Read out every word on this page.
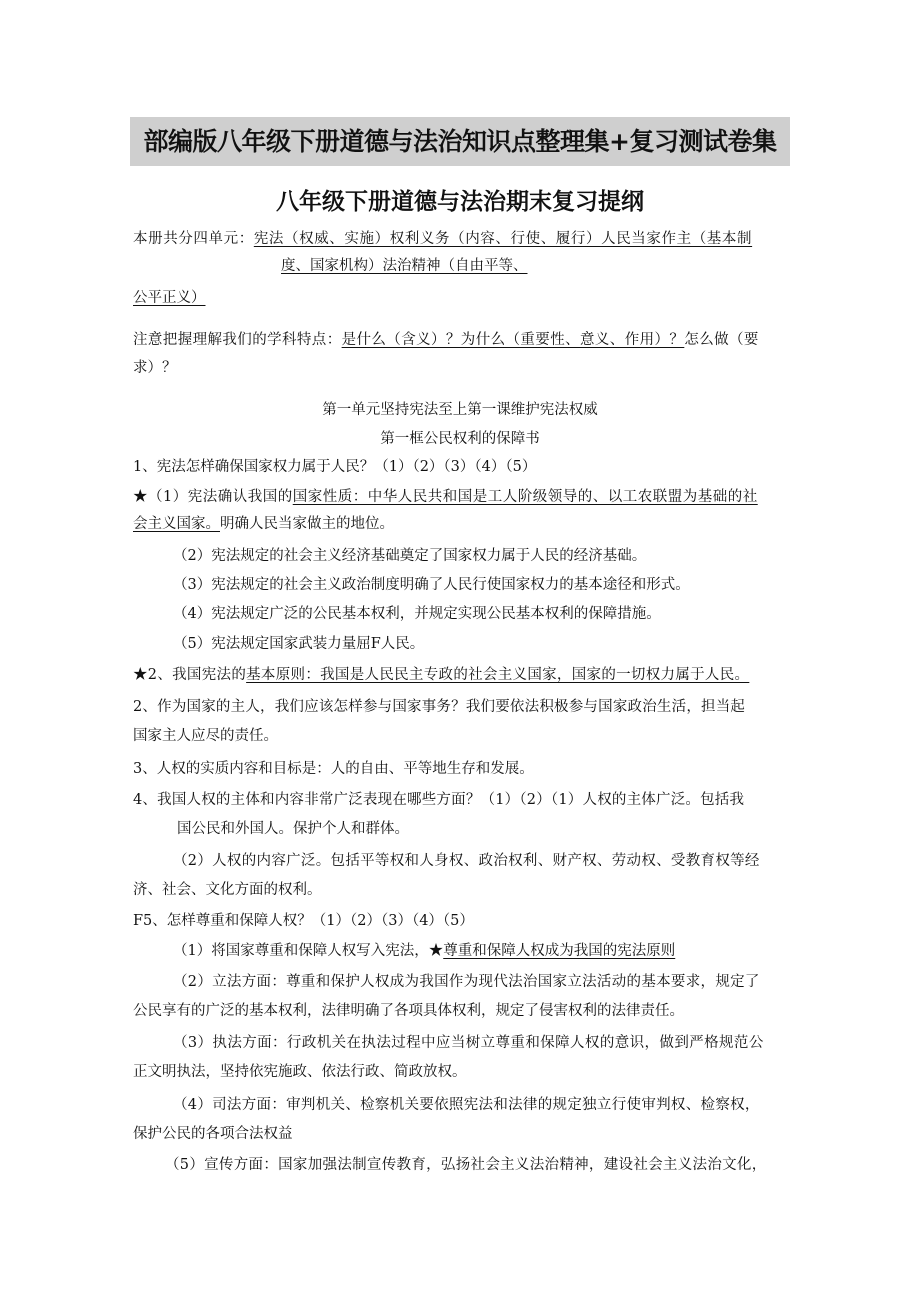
部编版八年级下册道德与法治知识点整理集+复习测试卷集
八年级下册道德与法治期末复习提纲
本册共分四单元：宪法（权威、实施）权利义务（内容、行使、履行）人民当家作主（基本制
度、国家机构）法治精神（自由平等、
公平正义）
注意把握理解我们的学科特点：是什么（含义）？为什么（重要性、意义、作用）？怎么做（要
求）？
第一单元坚持宪法至上第一课维护宪法权威
第一框公民权利的保障书
1、宪法怎样确保国家权力属于人民？（1）（2）（3）（4）（5）
★（1）宪法确认我国的国家性质：中华人民共和国是工人阶级领导的、以工农联盟为基础的社
会主义国家。明确人民当家做主的地位。
（2）宪法规定的社会主义经济基础奠定了国家权力属于人民的经济基础。
（3）宪法规定的社会主义政治制度明确了人民行使国家权力的基本途径和形式。
（4）宪法规定广泛的公民基本权利，并规定实现公民基本权利的保障措施。
（5）宪法规定国家武装力量屈F人民。
★2、我国宪法的基本原则：我国是人民民主专政的社会主义国家，国家的一切权力属于人民。
2、作为国家的主人，我们应该怎样参与国家事务？我们要依法积极参与国家政治生活，担当起
国家主人应尽的责任。
3、人权的实质内容和目标是：人的自由、平等地生存和发展。
4、我国人权的主体和内容非常广泛表现在哪些方面？（1）（2）（1）人权的主体广泛。包括我
国公民和外国人。保护个人和群体。
（2）人权的内容广泛。包括平等权和人身权、政治权利、财产权、劳动权、受教育权等经
济、社会、文化方面的权利。
F5、怎样尊重和保障人权？（1）（2）（3）（4）（5）
（1）将国家尊重和保障人权写入宪法，★尊重和保障人权成为我国的宪法原则
（2）立法方面：尊重和保护人权成为我国作为现代法治国家立法活动的基本要求，规定了
公民享有的广泛的基本权利，法律明确了各项具体权利，规定了侵害权利的法律责任。
（3）执法方面：行政机关在执法过程中应当树立尊重和保障人权的意识，做到严格规范公
正文明执法，坚持依宪施政、依法行政、简政放权。
（4）司法方面：审判机关、检察机关要依照宪法和法律的规定独立行使审判权、检察权，
保护公民的各项合法权益
（5）宣传方面：国家加强法制宣传教育，弘扬社会主义法治精神，建设社会主义法治文化，
